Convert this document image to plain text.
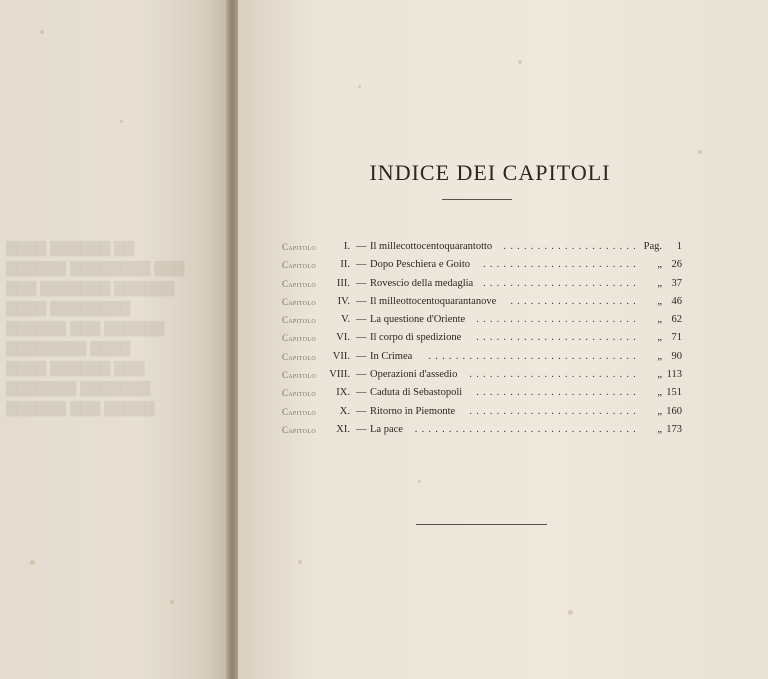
████ ██████ ██
██████ ████████ ███
███ ███████ ██████
████ ████████
██████ ███ ██████
████████ ████
████ ██████ ███
███████ ███████
██████ ███ █████
INDICE DEI CAPITOLI
Capitolo	I. — Il millecottocentoquarantotto	.................... Pag.	1
Capitolo	II. — Dopo Peschiera e Goito	....................... „ 26
Capitolo	III. — Rovescio della medaglia ....................... „ 37
Capitolo	IV. — Il milleottocentoquarantanove	................... „ 46
Capitolo	V. — La questione d'Oriente	........................ „ 62
Capitolo	VI. — Il corpo di spedizione	........................ „ 71
Capitolo	VII. — In Crimea	............................... „ 90
Capitolo	VIII. — Operazioni d'assedio	......................... „ 113
Capitolo	IX. — Caduta di Sebastopoli	........................ „ 151
Capitolo	X. — Ritorno in Piemonte	......................... „ 160
Capitolo	XI. — La pace	................................. „ 173
